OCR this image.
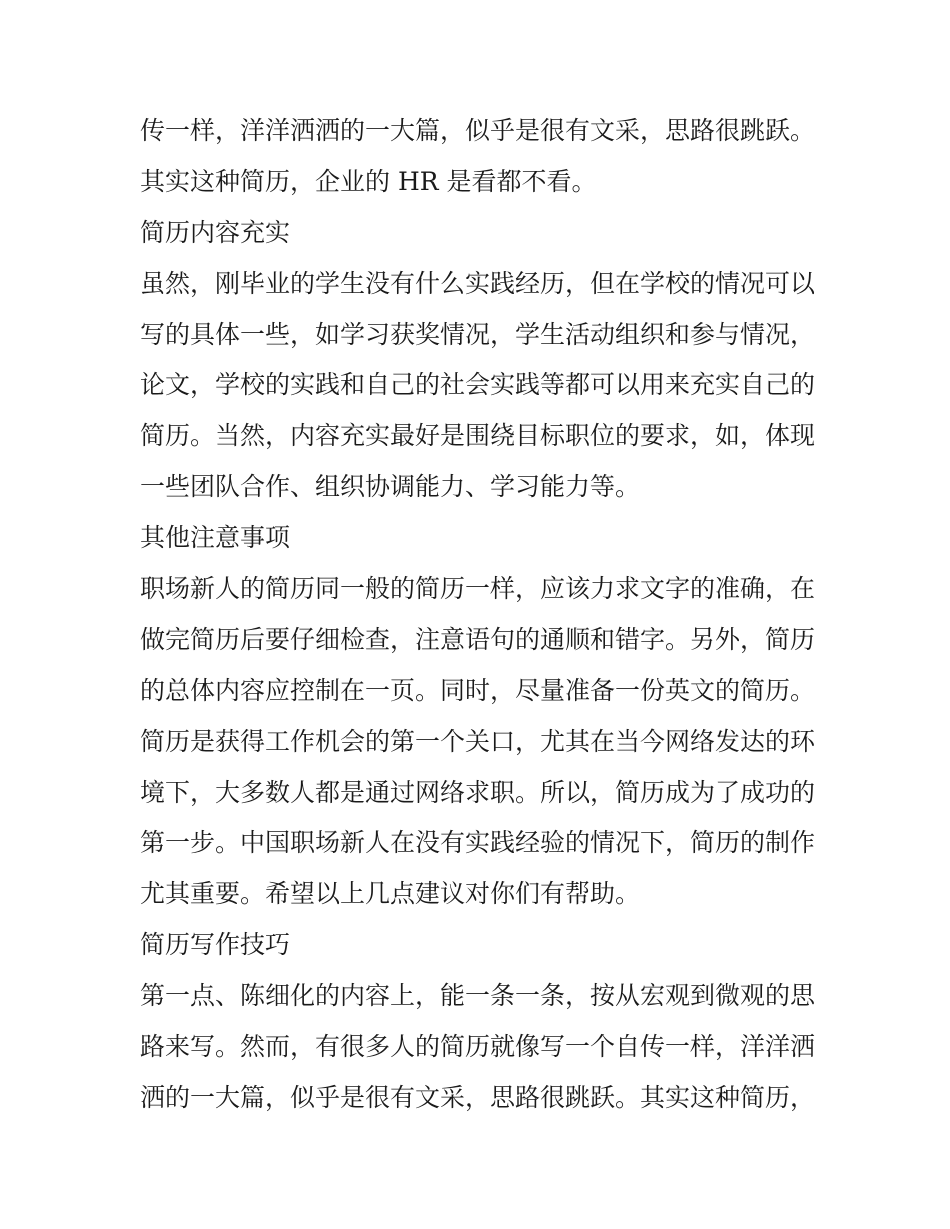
传一样，洋洋洒洒的一大篇，似乎是很有文采，思路很跳跃。
其实这种简历，企业的 HR 是看都不看。
简历内容充实
虽然，刚毕业的学生没有什么实践经历，但在学校的情况可以
写的具体一些，如学习获奖情况，学生活动组织和参与情况，
论文，学校的实践和自己的社会实践等都可以用来充实自己的
简历。当然，内容充实最好是围绕目标职位的要求，如，体现
一些团队合作、组织协调能力、学习能力等。
其他注意事项
职场新人的简历同一般的简历一样，应该力求文字的准确，在
做完简历后要仔细检查，注意语句的通顺和错字。另外，简历
的总体内容应控制在一页。同时，尽量准备一份英文的简历。
简历是获得工作机会的第一个关口，尤其在当今网络发达的环
境下，大多数人都是通过网络求职。所以，简历成为了成功的
第一步。中国职场新人在没有实践经验的情况下，简历的制作
尤其重要。希望以上几点建议对你们有帮助。
简历写作技巧
第一点、陈细化的内容上，能一条一条，按从宏观到微观的思
路来写。然而，有很多人的简历就像写一个自传一样，洋洋洒
洒的一大篇，似乎是很有文采，思路很跳跃。其实这种简历，
